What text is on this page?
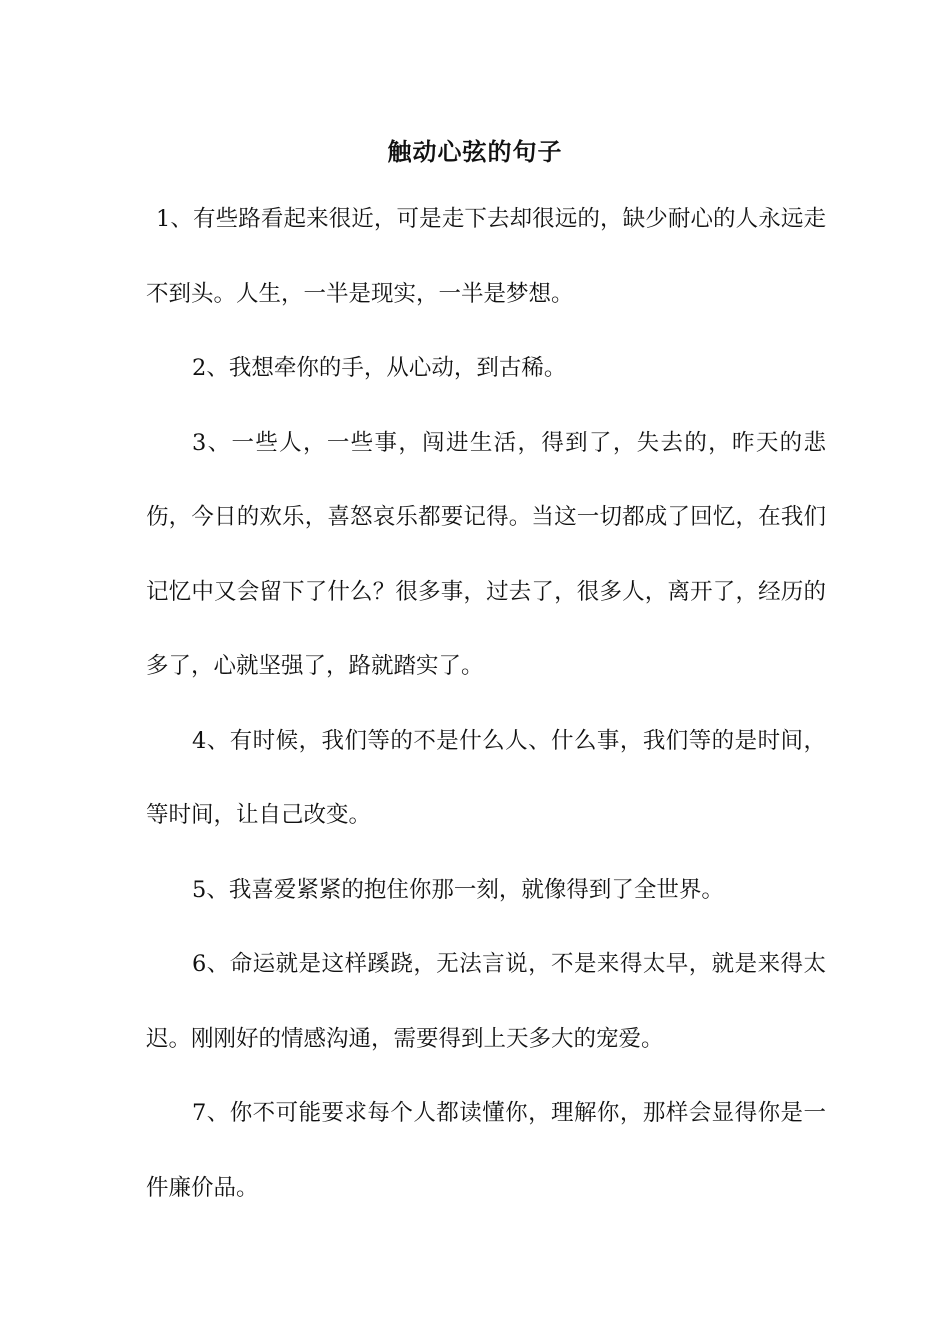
触动心弦的句子

1、有些路看起来很近，可是走下去却很远的，缺少耐心的人永远走不到头。人生，一半是现实，一半是梦想。

2、我想牵你的手，从心动，到古稀。

3、一些人，一些事，闯进生活，得到了，失去的，昨天的悲伤，今日的欢乐，喜怒哀乐都要记得。当这一切都成了回忆，在我们记忆中又会留下了什么？很多事，过去了，很多人，离开了，经历的多了，心就坚强了，路就踏实了。

4、有时候，我们等的不是什么人、什么事，我们等的是时间，等时间，让自己改变。

5、我喜爱紧紧的抱住你那一刻，就像得到了全世界。

6、命运就是这样蹊跷，无法言说，不是来得太早，就是来得太迟。刚刚好的情感沟通，需要得到上天多大的宠爱。

7、你不可能要求每个人都读懂你，理解你，那样会显得你是一件廉价品。
